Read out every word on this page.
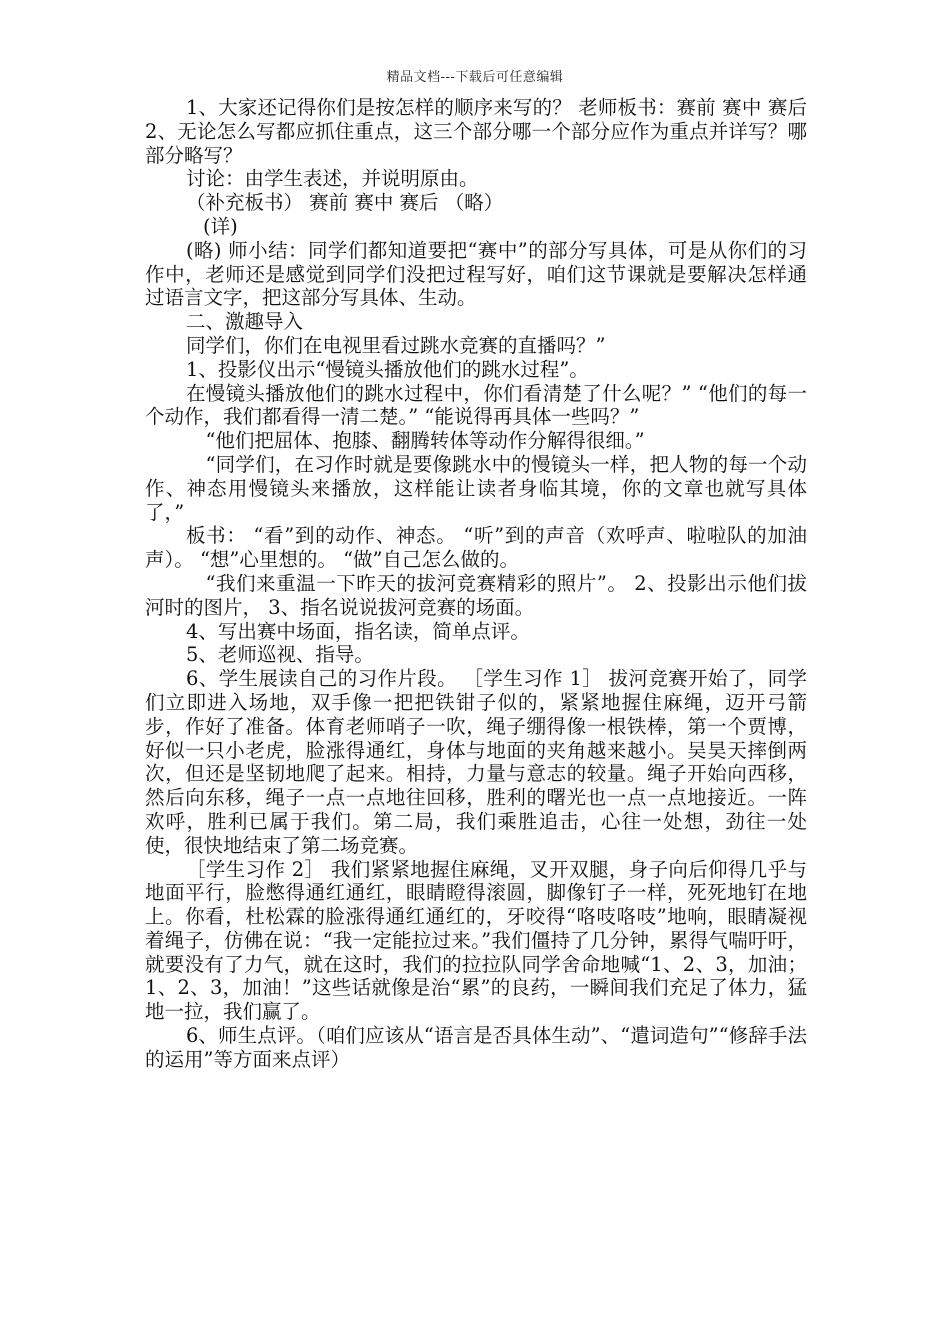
精品文档---下载后可任意编辑

1、大家还记得你们是按怎样的顺序来写的？ 老师板书：赛前 赛中 赛后 2、无论怎么写都应抓住重点，这三个部分哪一个部分应作为重点并详写？哪部分略写？

讨论：由学生表述，并说明原由。

（补充板书） 赛前 赛中 赛后 （略）

(详)

(略) 师小结：同学们都知道要把“赛中”的部分写具体，可是从你们的习作中，老师还是感觉到同学们没把过程写好，咱们这节课就是要解决怎样通过语言文字，把这部分写具体、生动。

二、激趣导入

同学们，你们在电视里看过跳水竞赛的直播吗？”

1、投影仪出示“慢镜头播放他们的跳水过程”。

在慢镜头播放他们的跳水过程中，你们看清楚了什么呢？” “他们的每一个动作，我们都看得一清二楚。” “能说得再具体一些吗？”

“他们把屈体、抱膝、翻腾转体等动作分解得很细。”

“同学们，在习作时就是要像跳水中的慢镜头一样，把人物的每一个动作、神态用慢镜头来播放，这样能让读者身临其境，你的文章也就写具体了，”

板书： “看”到的动作、神态。 “听”到的声音（欢呼声、啦啦队的加油声）。 “想”心里想的。 “做”自己怎么做的。

“我们来重温一下昨天的拔河竞赛精彩的照片”。 2、投影出示他们拔河时的图片， 3、指名说说拔河竞赛的场面。

4、写出赛中场面，指名读，简单点评。

5、老师巡视、指导。

6、学生展读自己的习作片段。 ［学生习作 1］ 拔河竞赛开始了，同学们立即进入场地，双手像一把把铁钳子似的，紧紧地握住麻绳，迈开弓箭步，作好了准备。体育老师哨子一吹，绳子绷得像一根铁棒，第一个贾博，好似一只小老虎，脸涨得通红，身体与地面的夹角越来越小。吴昊天摔倒两次，但还是坚韧地爬了起来。相持，力量与意志的较量。绳子开始向西移，然后向东移，绳子一点一点地往回移，胜利的曙光也一点一点地接近。一阵欢呼，胜利已属于我们。第二局，我们乘胜追击，心往一处想，劲往一处使，很快地结束了第二场竞赛。

［学生习作 2］ 我们紧紧地握住麻绳，叉开双腿，身子向后仰得几乎与地面平行，脸憋得通红通红，眼睛瞪得滚圆，脚像钉子一样，死死地钉在地上。你看，杜松霖的脸涨得通红通红的，牙咬得“咯吱咯吱”地响，眼睛凝视着绳子，仿佛在说：“我一定能拉过来。”我们僵持了几分钟，累得气喘吁吁，就要没有了力气，就在这时，我们的拉拉队同学舍命地喊“1、2、3，加油；1、2、3，加油！”这些话就像是治“累”的良药，一瞬间我们充足了体力，猛地一拉，我们赢了。

6、师生点评。（咱们应该从“语言是否具体生动”、“遣词造句”“修辞手法的运用”等方面来点评）
